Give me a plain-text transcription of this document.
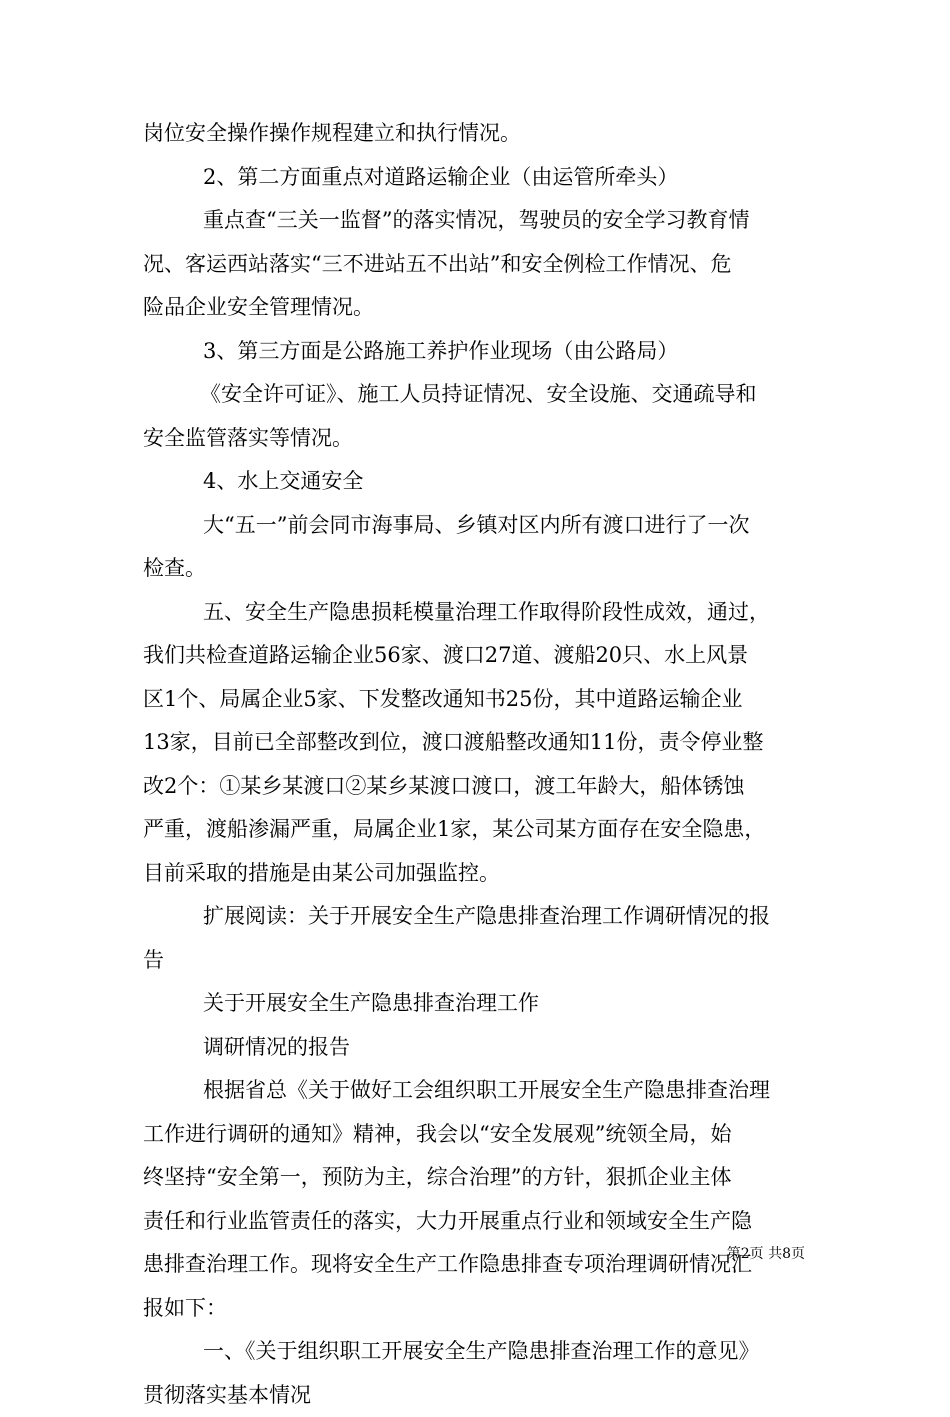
岗位安全操作操作规程建立和执行情况。
2、第二方面重点对道路运输企业（由运管所牵头）
重点查“三关一监督”的落实情况，驾驶员的安全学习教育情
况、客运西站落实“三不进站五不出站”和安全例检工作情况、危
险品企业安全管理情况。
3、第三方面是公路施工养护作业现场（由公路局）
《安全许可证》、施工人员持证情况、安全设施、交通疏导和
安全监管落实等情况。
4、水上交通安全
大“五一”前会同市海事局、乡镇对区内所有渡口进行了一次
检查。
五、安全生产隐患损耗模量治理工作取得阶段性成效，通过，
我们共检查道路运输企业56家、渡口27道、渡船20只、水上风景
区1个、局属企业5家、下发整改通知书25份，其中道路运输企业
13家，目前已全部整改到位，渡口渡船整改通知11份，责令停业整
改2个：①某乡某渡口②某乡某渡口渡口，渡工年龄大，船体锈蚀
严重，渡船渗漏严重，局属企业1家，某公司某方面存在安全隐患，
目前采取的措施是由某公司加强监控。
扩展阅读：关于开展安全生产隐患排查治理工作调研情况的报
告
关于开展安全生产隐患排查治理工作
调研情况的报告
根据省总《关于做好工会组织职工开展安全生产隐患排查治理
工作进行调研的通知》精神，我会以“安全发展观”统领全局，始
终坚持“安全第一，预防为主，综合治理”的方针，狠抓企业主体
责任和行业监管责任的落实，大力开展重点行业和领域安全生产隐
患排查治理工作。现将安全生产工作隐患排查专项治理调研情况汇
报如下：
一、《关于组织职工开展安全生产隐患排查治理工作的意见》
贯彻落实基本情况
第2页 共8页
